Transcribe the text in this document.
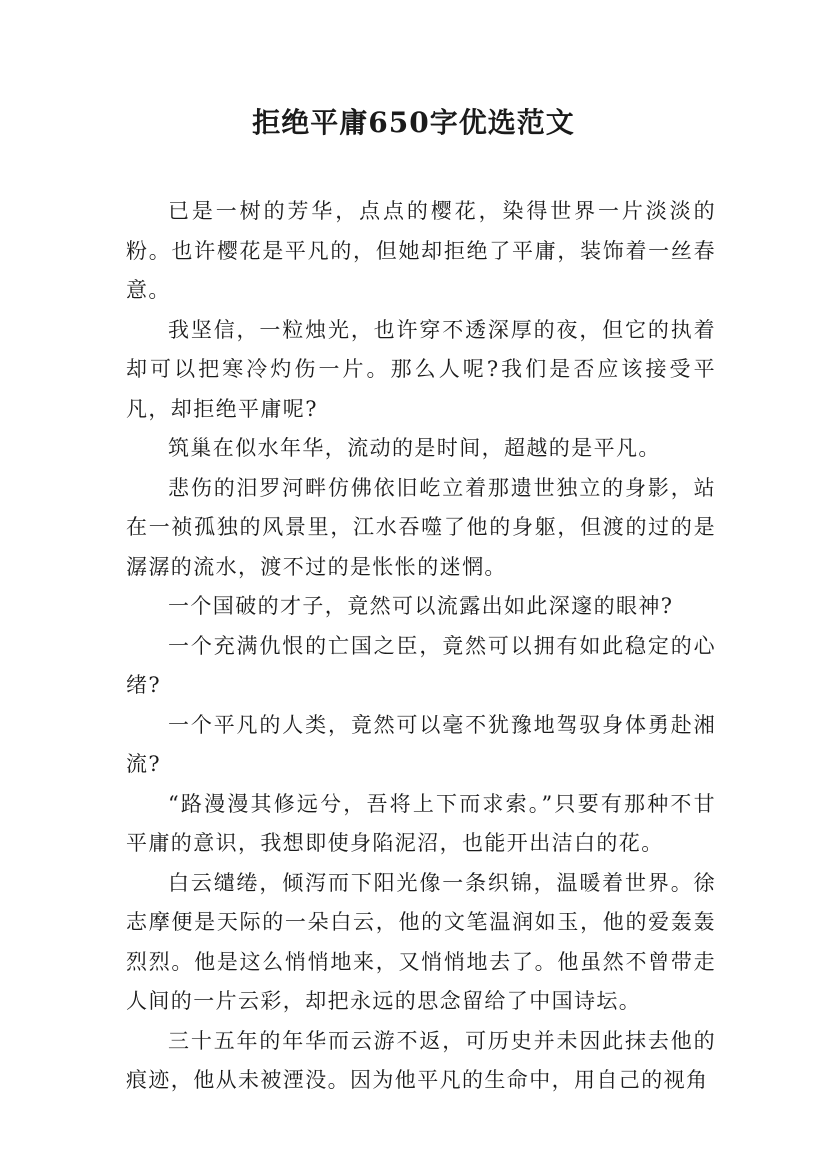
拒绝平庸650字优选范文

已是一树的芳华，点点的樱花，染得世界一片淡淡的粉。也许樱花是平凡的，但她却拒绝了平庸，装饰着一丝春意。

我坚信，一粒烛光，也许穿不透深厚的夜，但它的执着却可以把寒冷灼伤一片。那么人呢?我们是否应该接受平凡，却拒绝平庸呢?

筑巢在似水年华，流动的是时间，超越的是平凡。

悲伤的汨罗河畔仿佛依旧屹立着那遗世独立的身影，站在一祯孤独的风景里，江水吞噬了他的身躯，但渡的过的是潺潺的流水，渡不过的是怅怅的迷惘。

一个国破的才子，竟然可以流露出如此深邃的眼神?

一个充满仇恨的亡国之臣，竟然可以拥有如此稳定的心绪?

一个平凡的人类，竟然可以毫不犹豫地驾驭身体勇赴湘流?

“路漫漫其修远兮，吾将上下而求索。”只要有那种不甘平庸的意识，我想即使身陷泥沼，也能开出洁白的花。

白云缱绻，倾泻而下阳光像一条织锦，温暖着世界。徐志摩便是天际的一朵白云，他的文笔温润如玉，他的爱轰轰烈烈。他是这么悄悄地来，又悄悄地去了。他虽然不曾带走人间的一片云彩，却把永远的思念留给了中国诗坛。

三十五年的年华而云游不返，可历史并未因此抹去他的痕迹，他从未被湮没。因为他平凡的生命中，用自己的视角
